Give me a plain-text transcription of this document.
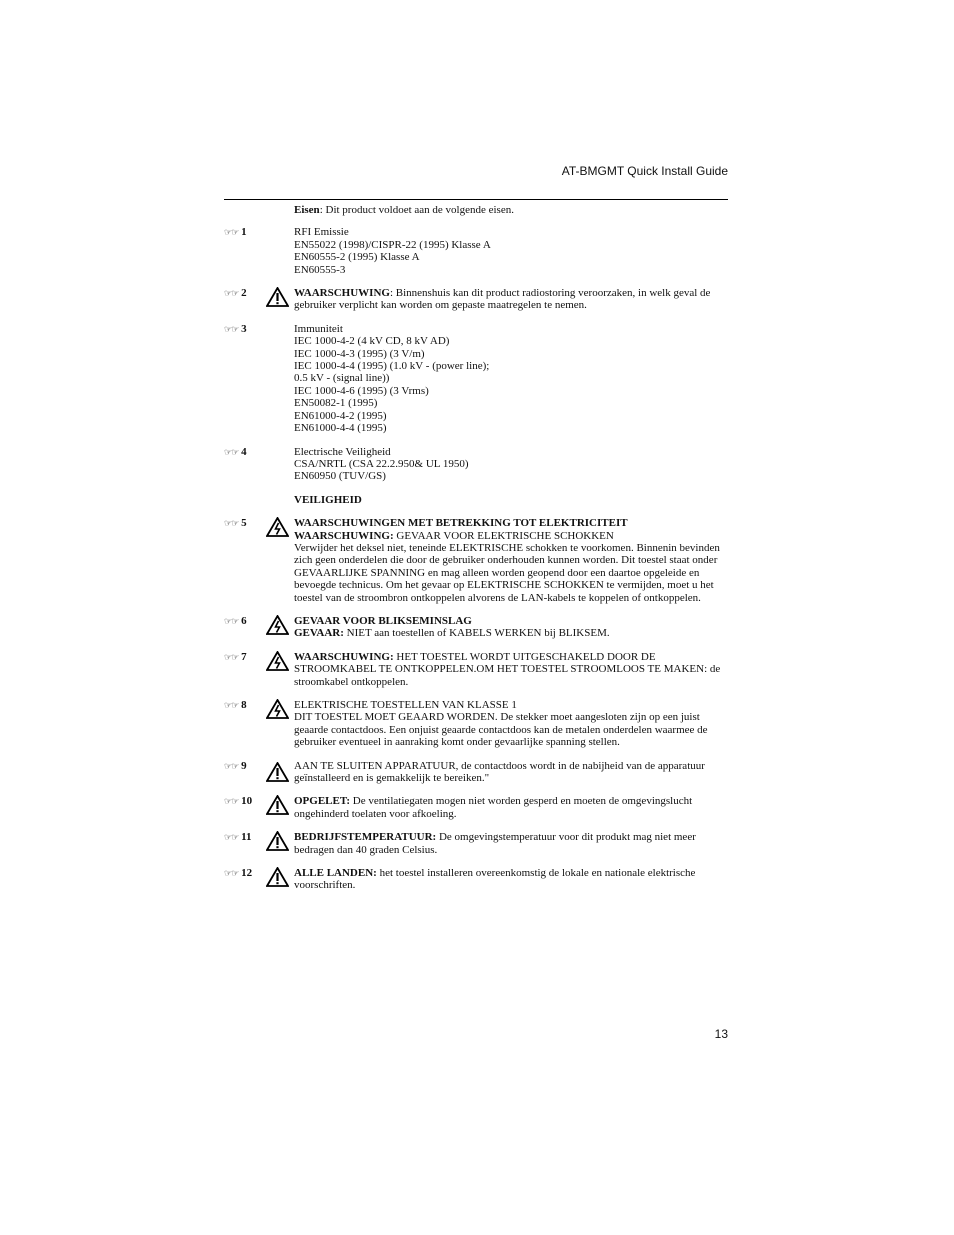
AT-BMGMT Quick Install Guide
Eisen: Dit product voldoet aan de volgende eisen.
☞☞ 1	RFI Emissie
EN55022 (1998)/CISPR-22 (1995) Klasse A
EN60555-2 (1995) Klasse A
EN60555-3
☞☞ 2	WAARSCHUWING: Binnenshuis kan dit product radiostoring veroorzaken, in welk geval de gebruiker verplicht kan worden om gepaste maatregelen te nemen.
☞☞ 3	Immuniteit
IEC 1000-4-2 (4 kV CD, 8 kV AD)
IEC 1000-4-3 (1995) (3 V/m)
IEC 1000-4-4 (1995) (1.0 kV - (power line);
0.5 kV - (signal line))
IEC 1000-4-6 (1995) (3 Vrms)
EN50082-1 (1995)
EN61000-4-2 (1995)
EN61000-4-4 (1995)
☞☞ 4	Electrische Veiligheid
CSA/NRTL (CSA 22.2.950& UL 1950)
EN60950 (TUV/GS)
VEILIGHEID
☞☞ 5	WAARSCHUWINGEN MET BETREKKING TOT ELEKTRICITEIT
WAARSCHUWING: GEVAAR VOOR ELEKTRISCHE SCHOKKEN
Verwijder het deksel niet, teneinde ELEKTRISCHE schokken te voorkomen. Binnenin bevinden zich geen onderdelen die door de gebruiker onderhouden kunnen worden. Dit toestel staat onder GEVAARLIJKE SPANNING en mag alleen worden geopend door een daartoe opgeleide en bevoegde technicus. Om het gevaar op ELEKTRISCHE SCHOKKEN te vermijden, moet u het toestel van de stroombron ontkoppelen alvorens de LAN-kabels te koppelen of ontkoppelen.
☞☞ 6	GEVAAR VOOR BLIKSEMINSLAG
GEVAAR: NIET aan toestellen of KABELS WERKEN bij BLIKSEM.
☞☞ 7	WAARSCHUWING: HET TOESTEL WORDT UITGESCHAKELD DOOR DE STROOMKABEL TE ONTKOPPELEN.OM HET TOESTEL STROOMLOOS TE MAKEN: de stroomkabel ontkoppelen.
☞☞ 8	ELEKTRISCHE TOESTELLEN VAN KLASSE 1
DIT TOESTEL MOET GEAARD WORDEN. De stekker moet aangesloten zijn op een juist geaarde contactdoos. Een onjuist geaarde contactdoos kan de metalen onderdelen waarmee de gebruiker eventueel in aanraking komt onder gevaarlijke spanning stellen.
☞☞ 9	AAN TE SLUITEN APPARATUUR, de contactdoos wordt in de nabijheid van de apparatuur geïnstalleerd en is gemakkelijk te bereiken."
☞☞ 10	OPGELET: De ventilatiegaten mogen niet worden gesperd en moeten de omgevingslucht ongehinderd toelaten voor afkoeling.
☞☞ 11	BEDRIJFSTEMPERATUUR: De omgevingstemperatuur voor dit produkt mag niet meer bedragen dan 40 graden Celsius.
☞☞ 12	ALLE LANDEN: het toestel installeren overeenkomstig de lokale en nationale elektrische voorschriften.
13
